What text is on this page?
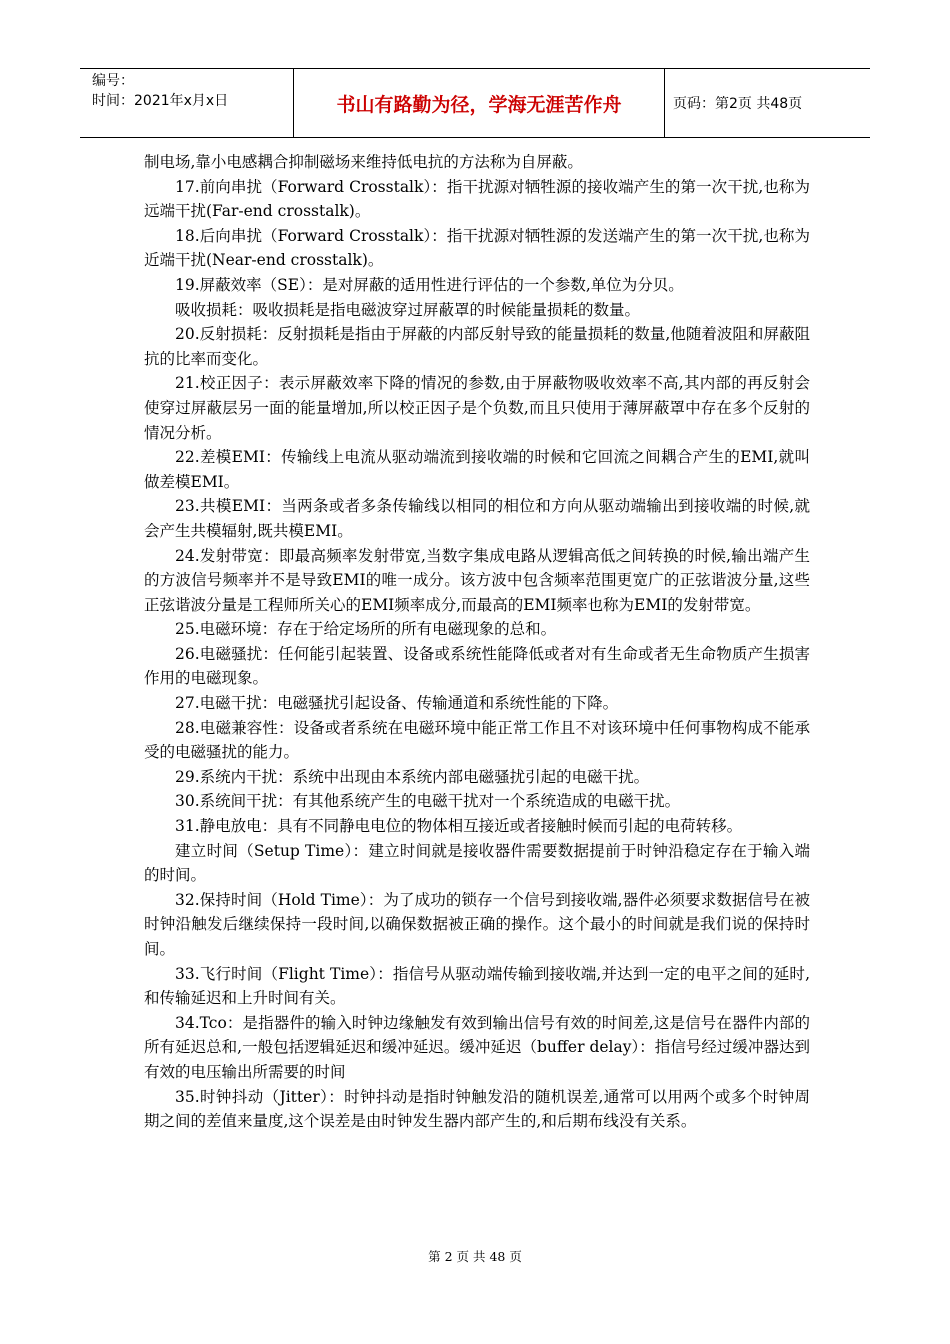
编号：
时间：2021年x月x日	书山有路勤为径，学海无涯苦作舟	页码：第2页 共48页

制电场,靠小电感耦合抑制磁场来维持低电抗的方法称为自屏蔽。

17.前向串扰（Forward Crosstalk）：指干扰源对牺牲源的接收端产生的第一次干扰,也称为远端干扰(Far-end crosstalk)。

18.后向串扰（Forward Crosstalk）：指干扰源对牺牲源的发送端产生的第一次干扰,也称为近端干扰(Near-end crosstalk)。

19.屏蔽效率（SE）：是对屏蔽的适用性进行评估的一个参数,单位为分贝。

吸收损耗：吸收损耗是指电磁波穿过屏蔽罩的时候能量损耗的数量。

20.反射损耗：反射损耗是指由于屏蔽的内部反射导致的能量损耗的数量,他随着波阻和屏蔽阻抗的比率而变化。

21.校正因子：表示屏蔽效率下降的情况的参数,由于屏蔽物吸收效率不高,其内部的再反射会使穿过屏蔽层另一面的能量增加,所以校正因子是个负数,而且只使用于薄屏蔽罩中存在多个反射的情况分析。

22.差模EMI：传输线上电流从驱动端流到接收端的时候和它回流之间耦合产生的EMI,就叫做差模EMI。

23.共模EMI：当两条或者多条传输线以相同的相位和方向从驱动端输出到接收端的时候,就会产生共模辐射,既共模EMI。

24.发射带宽：即最高频率发射带宽,当数字集成电路从逻辑高低之间转换的时候,输出端产生的方波信号频率并不是导致EMI的唯一成分。该方波中包含频率范围更宽广的正弦谐波分量,这些正弦谐波分量是工程师所关心的EMI频率成分,而最高的EMI频率也称为EMI的发射带宽。

25.电磁环境：存在于给定场所的所有电磁现象的总和。

26.电磁骚扰：任何能引起装置、设备或系统性能降低或者对有生命或者无生命物质产生损害作用的电磁现象。

27.电磁干扰：电磁骚扰引起设备、传输通道和系统性能的下降。

28.电磁兼容性：设备或者系统在电磁环境中能正常工作且不对该环境中任何事物构成不能承受的电磁骚扰的能力。

29.系统内干扰：系统中出现由本系统内部电磁骚扰引起的电磁干扰。

30.系统间干扰：有其他系统产生的电磁干扰对一个系统造成的电磁干扰。

31.静电放电：具有不同静电电位的物体相互接近或者接触时候而引起的电荷转移。

建立时间（Setup Time）：建立时间就是接收器件需要数据提前于时钟沿稳定存在于输入端的时间。

32.保持时间（Hold Time）：为了成功的锁存一个信号到接收端,器件必须要求数据信号在被时钟沿触发后继续保持一段时间,以确保数据被正确的操作。这个最小的时间就是我们说的保持时间。

33.飞行时间（Flight Time）：指信号从驱动端传输到接收端,并达到一定的电平之间的延时,和传输延迟和上升时间有关。

34.Tco：是指器件的输入时钟边缘触发有效到输出信号有效的时间差,这是信号在器件内部的所有延迟总和,一般包括逻辑延迟和缓冲延迟。缓冲延迟（buffer delay）：指信号经过缓冲器达到有效的电压输出所需要的时间

35.时钟抖动（Jitter）：时钟抖动是指时钟触发沿的随机误差,通常可以用两个或多个时钟周期之间的差值来量度,这个误差是由时钟发生器内部产生的,和后期布线没有关系。

第 2 页 共 48 页
